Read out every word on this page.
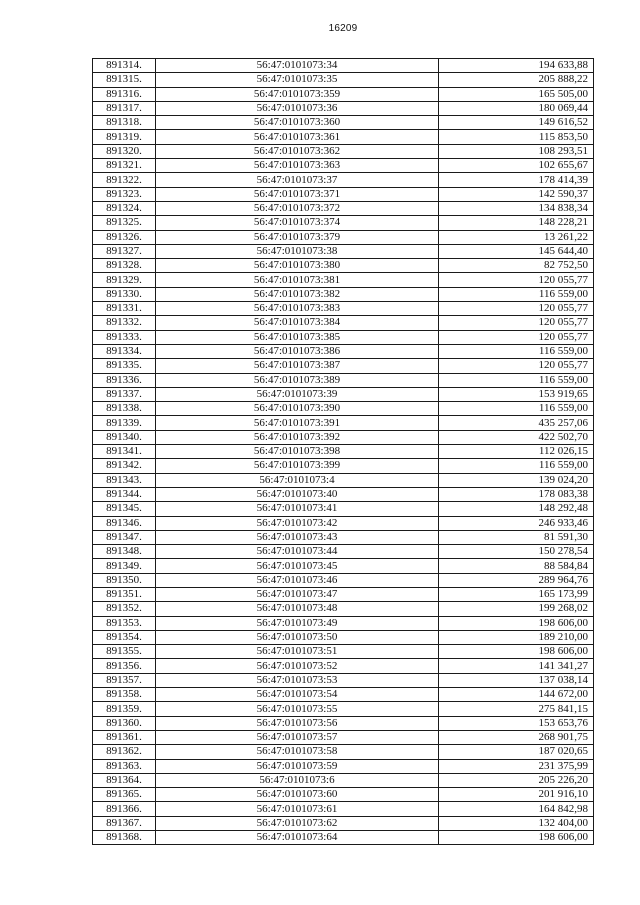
16209
891314.	56:47:0101073:34	194 633,88
891315.	56:47:0101073:35	205 888,22
891316.	56:47:0101073:359	165 505,00
891317.	56:47:0101073:36	180 069,44
891318.	56:47:0101073:360	149 616,52
891319.	56:47:0101073:361	115 853,50
891320.	56:47:0101073:362	108 293,51
891321.	56:47:0101073:363	102 655,67
891322.	56:47:0101073:37	178 414,39
891323.	56:47:0101073:371	142 590,37
891324.	56:47:0101073:372	134 838,34
891325.	56:47:0101073:374	148 228,21
891326.	56:47:0101073:379	13 261,22
891327.	56:47:0101073:38	145 644,40
891328.	56:47:0101073:380	82 752,50
891329.	56:47:0101073:381	120 055,77
891330.	56:47:0101073:382	116 559,00
891331.	56:47:0101073:383	120 055,77
891332.	56:47:0101073:384	120 055,77
891333.	56:47:0101073:385	120 055,77
891334.	56:47:0101073:386	116 559,00
891335.	56:47:0101073:387	120 055,77
891336.	56:47:0101073:389	116 559,00
891337.	56:47:0101073:39	153 919,65
891338.	56:47:0101073:390	116 559,00
891339.	56:47:0101073:391	435 257,06
891340.	56:47:0101073:392	422 502,70
891341.	56:47:0101073:398	112 026,15
891342.	56:47:0101073:399	116 559,00
891343.	56:47:0101073:4	139 024,20
891344.	56:47:0101073:40	178 083,38
891345.	56:47:0101073:41	148 292,48
891346.	56:47:0101073:42	246 933,46
891347.	56:47:0101073:43	81 591,30
891348.	56:47:0101073:44	150 278,54
891349.	56:47:0101073:45	88 584,84
891350.	56:47:0101073:46	289 964,76
891351.	56:47:0101073:47	165 173,99
891352.	56:47:0101073:48	199 268,02
891353.	56:47:0101073:49	198 606,00
891354.	56:47:0101073:50	189 210,00
891355.	56:47:0101073:51	198 606,00
891356.	56:47:0101073:52	141 341,27
891357.	56:47:0101073:53	137 038,14
891358.	56:47:0101073:54	144 672,00
891359.	56:47:0101073:55	275 841,15
891360.	56:47:0101073:56	153 653,76
891361.	56:47:0101073:57	268 901,75
891362.	56:47:0101073:58	187 020,65
891363.	56:47:0101073:59	231 375,99
891364.	56:47:0101073:6	205 226,20
891365.	56:47:0101073:60	201 916,10
891366.	56:47:0101073:61	164 842,98
891367.	56:47:0101073:62	132 404,00
891368.	56:47:0101073:64	198 606,00
